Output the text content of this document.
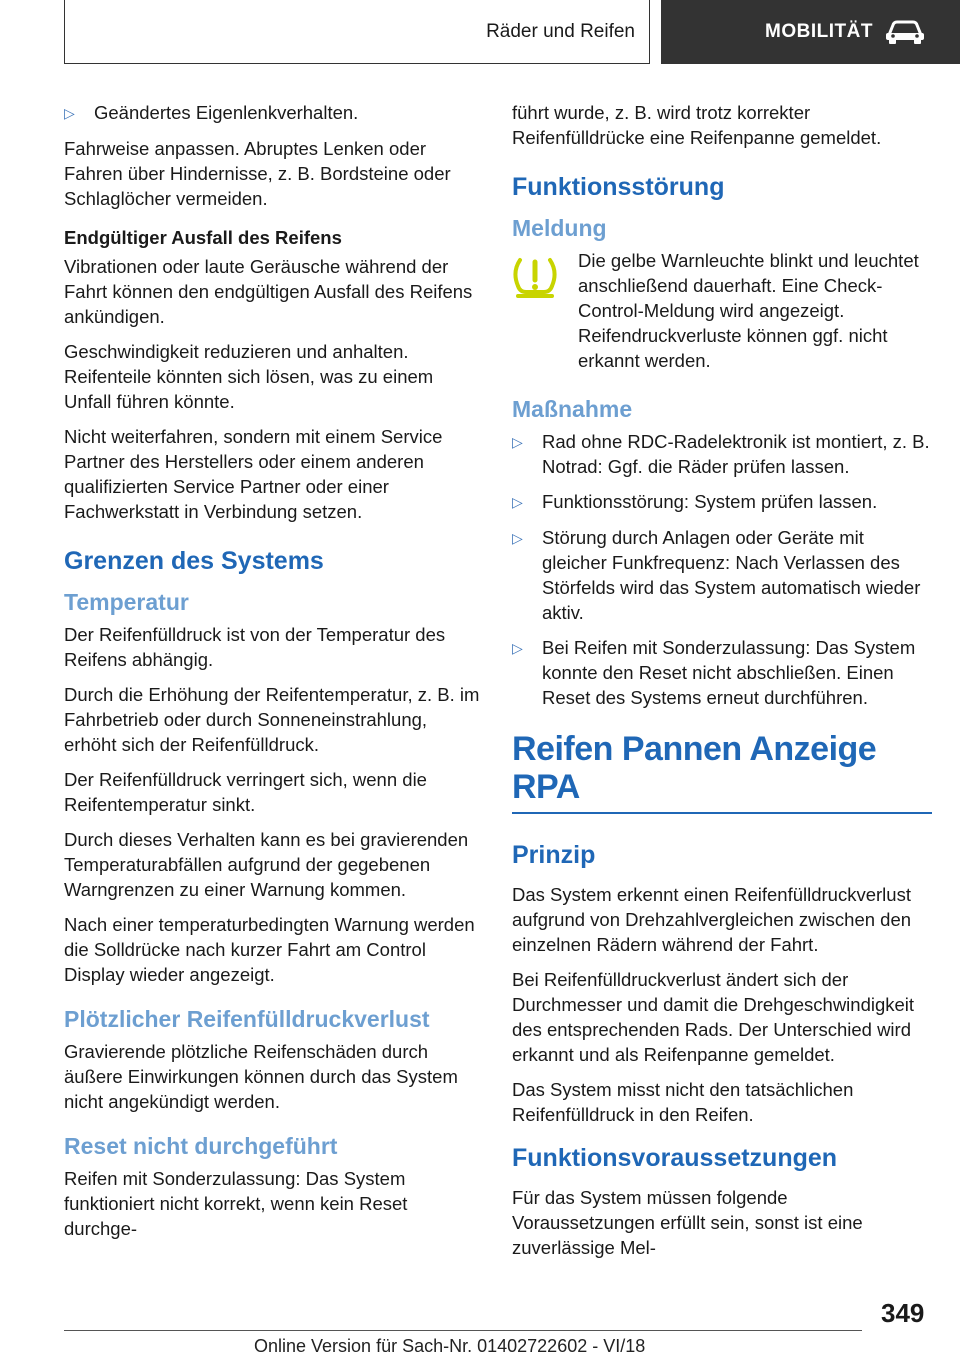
Räder und Reifen	MOBILITÄT
▷	Geändertes Eigenlenkverhalten.

Fahrweise anpassen. Abruptes Lenken oder Fahren über Hindernisse, z. B. Bordsteine oder Schlaglöcher vermeiden.

Endgültiger Ausfall des Reifens

Vibrationen oder laute Geräusche während der Fahrt können den endgültigen Ausfall des Reifens ankündigen.

Geschwindigkeit reduzieren und anhalten. Reifenteile könnten sich lösen, was zu einem Unfall führen könnte.

Nicht weiterfahren, sondern mit einem Service Partner des Herstellers oder einem anderen qualifizierten Service Partner oder einer Fachwerkstatt in Verbindung setzen.

Grenzen des Systems
Temperatur

Der Reifenfülldruck ist von der Temperatur des Reifens abhängig.

Durch die Erhöhung der Reifentemperatur, z. B. im Fahrbetrieb oder durch Sonneneinstrahlung, erhöht sich der Reifenfülldruck.

Der Reifenfülldruck verringert sich, wenn die Reifentemperatur sinkt.

Durch dieses Verhalten kann es bei gravierenden Temperaturabfällen aufgrund der gegebenen Warngrenzen zu einer Warnung kommen.

Nach einer temperaturbedingten Warnung werden die Solldrücke nach kurzer Fahrt am Control Display wieder angezeigt.

Plötzlicher Reifenfülldruckverlust

Gravierende plötzliche Reifenschäden durch äußere Einwirkungen können durch das System nicht angekündigt werden.

Reset nicht durchgeführt

Reifen mit Sonderzulassung: Das System funktioniert nicht korrekt, wenn kein Reset durchge-

führt wurde, z. B. wird trotz korrekter Reifenfülldrücke eine Reifenpanne gemeldet.

Funktionsstörung
Meldung

Die gelbe Warnleuchte blinkt und leuchtet anschließend dauerhaft. Eine Check-Control-Meldung wird angezeigt. Reifendruckverluste können ggf. nicht erkannt werden.

Maßnahme
▷	Rad ohne RDC-Radelektronik ist montiert, z. B. Notrad: Ggf. die Räder prüfen lassen.
▷	Funktionsstörung: System prüfen lassen.
▷	Störung durch Anlagen oder Geräte mit gleicher Funkfrequenz: Nach Verlassen des Störfelds wird das System automatisch wieder aktiv.
▷	Bei Reifen mit Sonderzulassung: Das System konnte den Reset nicht abschließen. Einen Reset des Systems erneut durchführen.
Reifen Pannen Anzeige RPA
Prinzip

Das System erkennt einen Reifenfülldruckverlust aufgrund von Drehzahlvergleichen zwischen den einzelnen Rädern während der Fahrt.

Bei Reifenfülldruckverlust ändert sich der Durchmesser und damit die Drehgeschwindigkeit des entsprechenden Rads. Der Unterschied wird erkannt und als Reifenpanne gemeldet.

Das System misst nicht den tatsächlichen Reifenfülldruck in den Reifen.

Funktionsvoraussetzungen

Für das System müssen folgende Voraussetzungen erfüllt sein, sonst ist eine zuverlässige Mel-

349
Online Version für Sach-Nr. 01402722602 - VI/18
